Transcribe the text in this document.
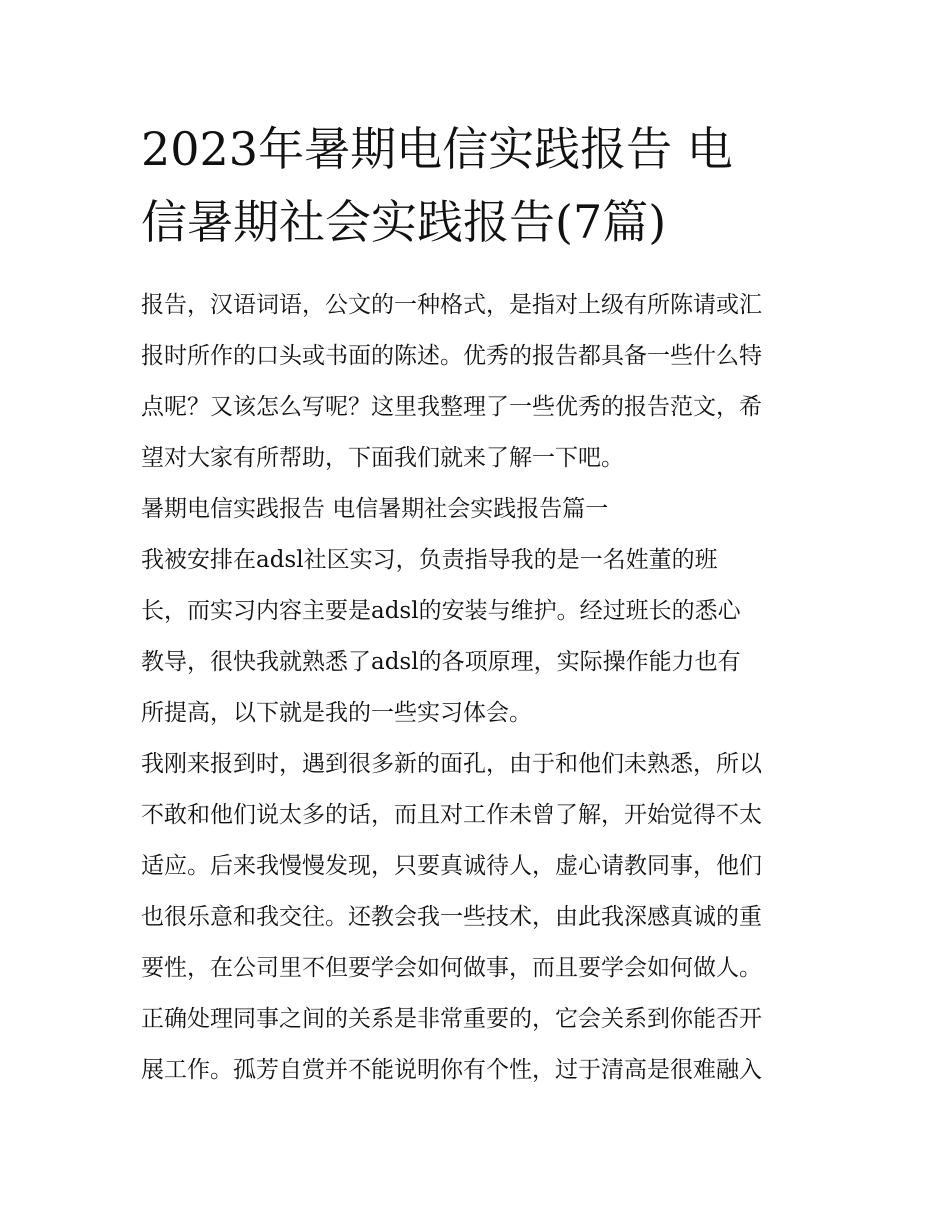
2023年暑期电信实践报告 电
信暑期社会实践报告(7篇)

报告，汉语词语，公文的一种格式，是指对上级有所陈请或汇
报时所作的口头或书面的陈述。优秀的报告都具备一些什么特
点呢？又该怎么写呢？这里我整理了一些优秀的报告范文，希
望对大家有所帮助，下面我们就来了解一下吧。

暑期电信实践报告 电信暑期社会实践报告篇一

我被安排在adsl社区实习，负责指导我的是一名姓董的班
长，而实习内容主要是adsl的安装与维护。经过班长的悉心
教导，很快我就熟悉了adsl的各项原理，实际操作能力也有
所提高，以下就是我的一些实习体会。

我刚来报到时，遇到很多新的面孔，由于和他们未熟悉，所以
不敢和他们说太多的话，而且对工作未曾了解，开始觉得不太
适应。后来我慢慢发现，只要真诚待人，虚心请教同事，他们
也很乐意和我交往。还教会我一些技术，由此我深感真诚的重
要性，在公司里不但要学会如何做事，而且要学会如何做人。
正确处理同事之间的关系是非常重要的，它会关系到你能否开
展工作。孤芳自赏并不能说明你有个性，过于清高是很难融入
